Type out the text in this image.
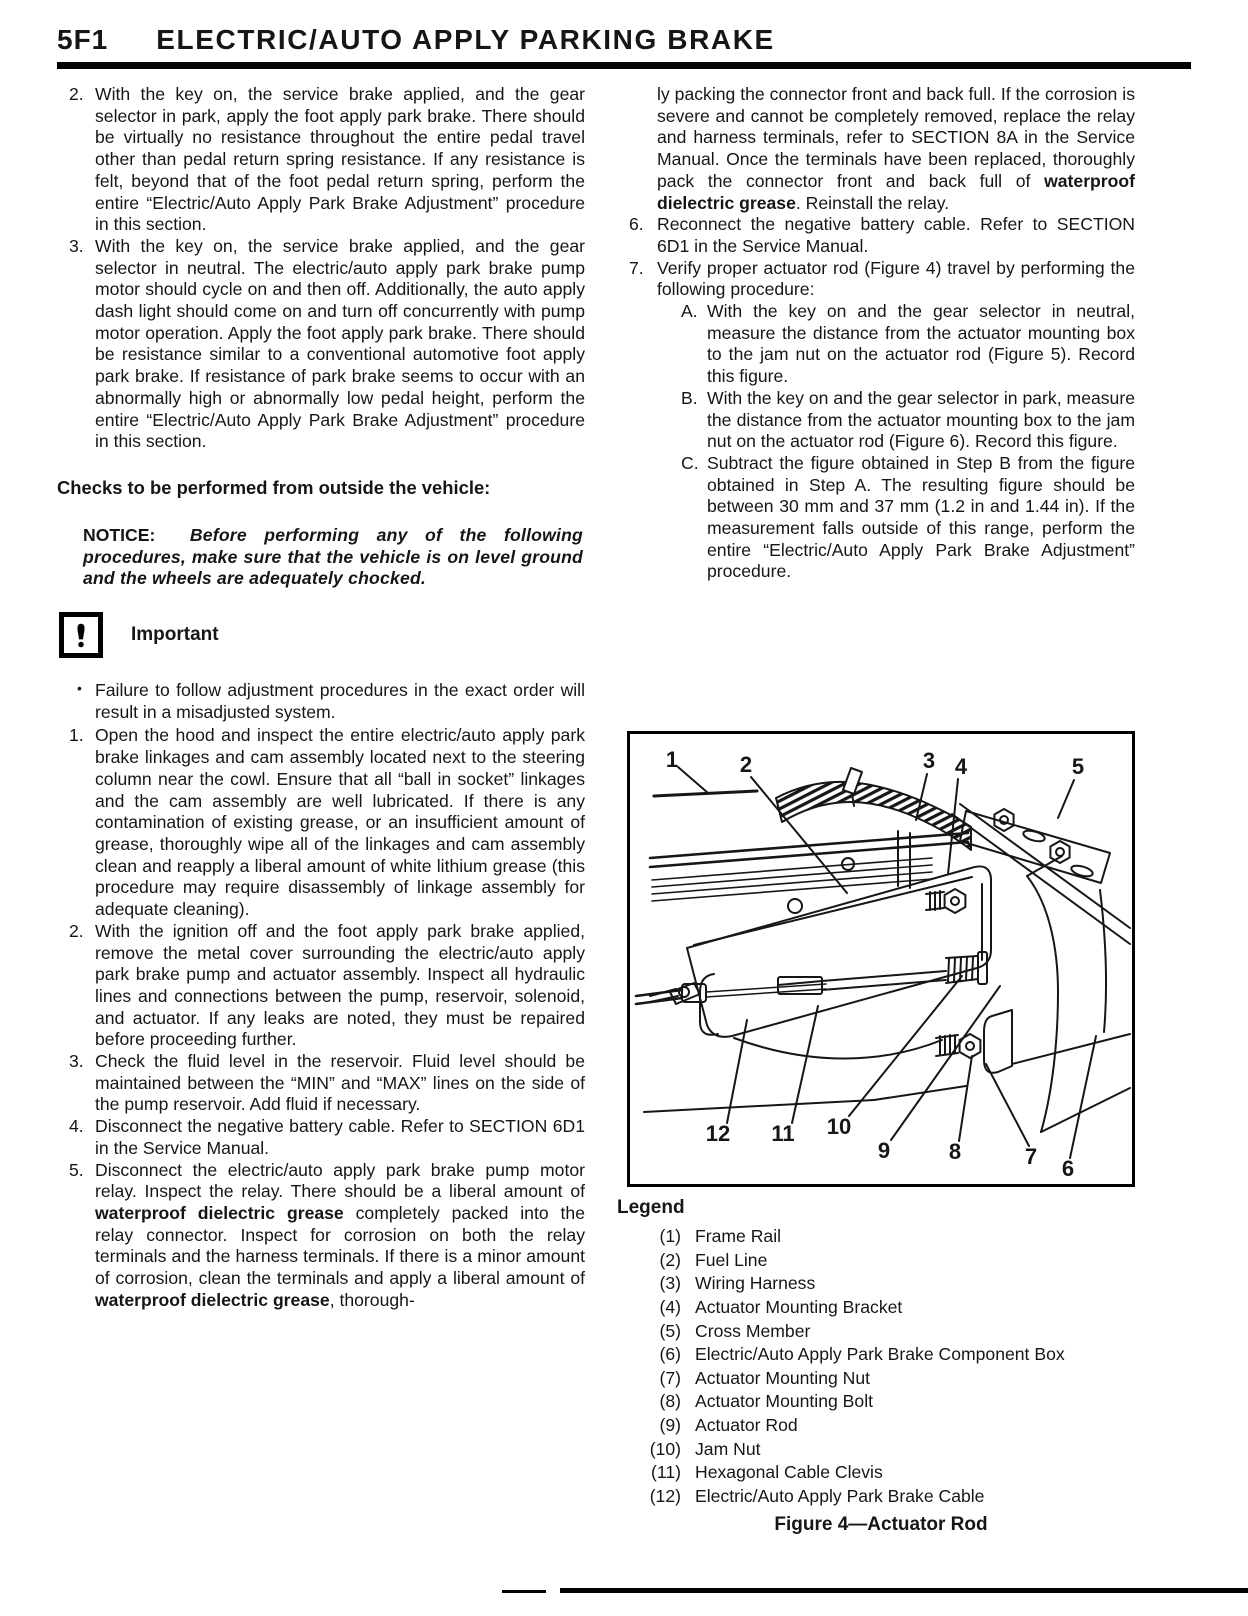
5F1 ELECTRIC/AUTO APPLY PARKING BRAKE
2. With the key on, the service brake applied, and the gear selector in park, apply the foot apply park brake. There should be virtually no resistance throughout the entire pedal travel other than pedal return spring resistance. If any resistance is felt, beyond that of the foot pedal return spring, perform the entire “Electric/Auto Apply Park Brake Adjustment” procedure in this section.
3. With the key on, the service brake applied, and the gear selector in neutral. The electric/auto apply park brake pump motor should cycle on and then off. Additionally, the auto apply dash light should come on and turn off concurrently with pump motor operation. Apply the foot apply park brake. There should be resistance similar to a conventional automotive foot apply park brake. If resistance of park brake seems to occur with an abnormally high or abnormally low pedal height, perform the entire “Electric/Auto Apply Park Brake Adjustment” procedure in this section.
Checks to be performed from outside the vehicle:
NOTICE: Before performing any of the following procedures, make sure that the vehicle is on level ground and the wheels are adequately chocked.
Important
• Failure to follow adjustment procedures in the exact order will result in a misadjusted system.
1. Open the hood and inspect the entire electric/auto apply park brake linkages and cam assembly located next to the steering column near the cowl. Ensure that all “ball in socket” linkages and the cam assembly are well lubricated. If there is any contamination of existing grease, or an insufficient amount of grease, thoroughly wipe all of the linkages and cam assembly clean and reapply a liberal amount of white lithium grease (this procedure may require disassembly of linkage assembly for adequate cleaning).
2. With the ignition off and the foot apply park brake applied, remove the metal cover surrounding the electric/auto apply park brake pump and actuator assembly. Inspect all hydraulic lines and connections between the pump, reservoir, solenoid, and actuator. If any leaks are noted, they must be repaired before proceeding further.
3. Check the fluid level in the reservoir. Fluid level should be maintained between the “MIN” and “MAX” lines on the side of the pump reservoir. Add fluid if necessary.
4. Disconnect the negative battery cable. Refer to SECTION 6D1 in the Service Manual.
5. Disconnect the electric/auto apply park brake pump motor relay. Inspect the relay. There should be a liberal amount of waterproof dielectric grease completely packed into the relay connector. Inspect for corrosion on both the relay terminals and the harness terminals. If there is a minor amount of corrosion, clean the terminals and apply a liberal amount of waterproof dielectric grease, thorough-
ly packing the connector front and back full. If the corrosion is severe and cannot be completely removed, replace the relay and harness terminals, refer to SECTION 8A in the Service Manual. Once the terminals have been replaced, thoroughly pack the connector front and back full of waterproof dielectric grease. Reinstall the relay.
6. Reconnect the negative battery cable. Refer to SECTION 6D1 in the Service Manual.
7. Verify proper actuator rod (Figure 4) travel by performing the following procedure:
A. With the key on and the gear selector in neutral, measure the distance from the actuator mounting box to the jam nut on the actuator rod (Figure 5). Record this figure.
B. With the key on and the gear selector in park, measure the distance from the actuator mounting box to the jam nut on the actuator rod (Figure 6). Record this figure.
C. Subtract the figure obtained in Step B from the figure obtained in Step A. The resulting figure should be between 30 mm and 37 mm (1.2 in and 1.44 in). If the measurement falls outside of this range, perform the entire “Electric/Auto Apply Park Brake Adjustment” procedure.
1	2	3 4	5
6
7
8
9
10
11
12
Legend
(1) Frame Rail
(2) Fuel Line
(3) Wiring Harness
(4) Actuator Mounting Bracket
(5) Cross Member
(6) Electric/Auto Apply Park Brake Component Box
(7) Actuator Mounting Nut
(8) Actuator Mounting Bolt
(9) Actuator Rod
(10) Jam Nut
(11) Hexagonal Cable Clevis
(12) Electric/Auto Apply Park Brake Cable
Figure 4—Actuator Rod
